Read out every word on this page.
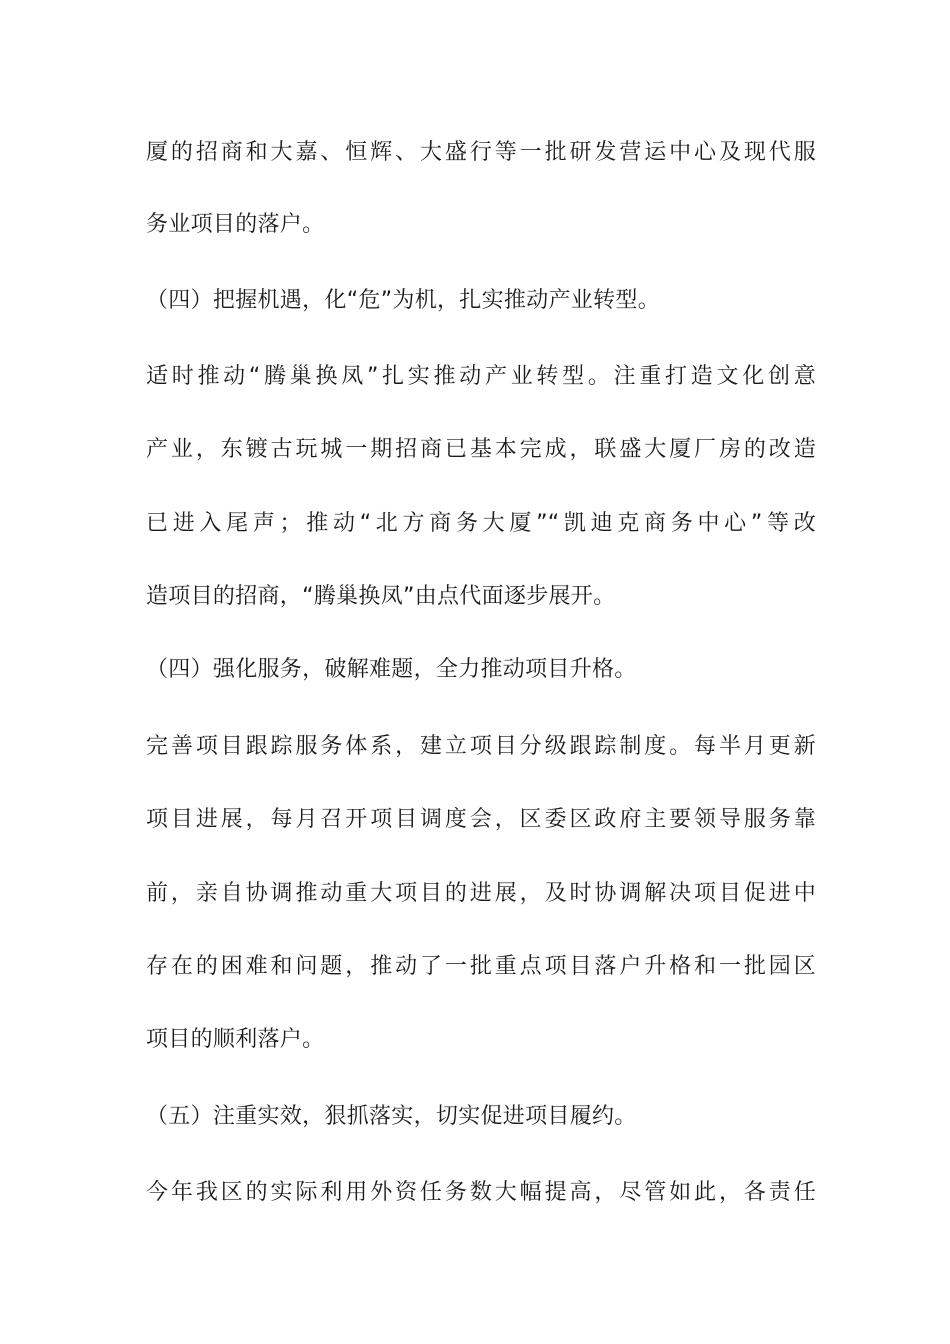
厦的招商和大嘉、恒辉、大盛行等一批研发营运中心及现代服
务业项目的落户。
（四）把握机遇，化“危”为机，扎实推动产业转型。
适时推动“腾巢换凤”扎实推动产业转型。注重打造文化创意
产业，东镀古玩城一期招商已基本完成，联盛大厦厂房的改造
已进入尾声；推动“北方商务大厦”“凯迪克商务中心”等改
造项目的招商，“腾巢换凤”由点代面逐步展开。
（四）强化服务，破解难题，全力推动项目升格。
完善项目跟踪服务体系，建立项目分级跟踪制度。每半月更新
项目进展，每月召开项目调度会，区委区政府主要领导服务靠
前，亲自协调推动重大项目的进展，及时协调解决项目促进中
存在的困难和问题，推动了一批重点项目落户升格和一批园区
项目的顺利落户。
（五）注重实效，狠抓落实，切实促进项目履约。
今年我区的实际利用外资任务数大幅提高，尽管如此，各责任
